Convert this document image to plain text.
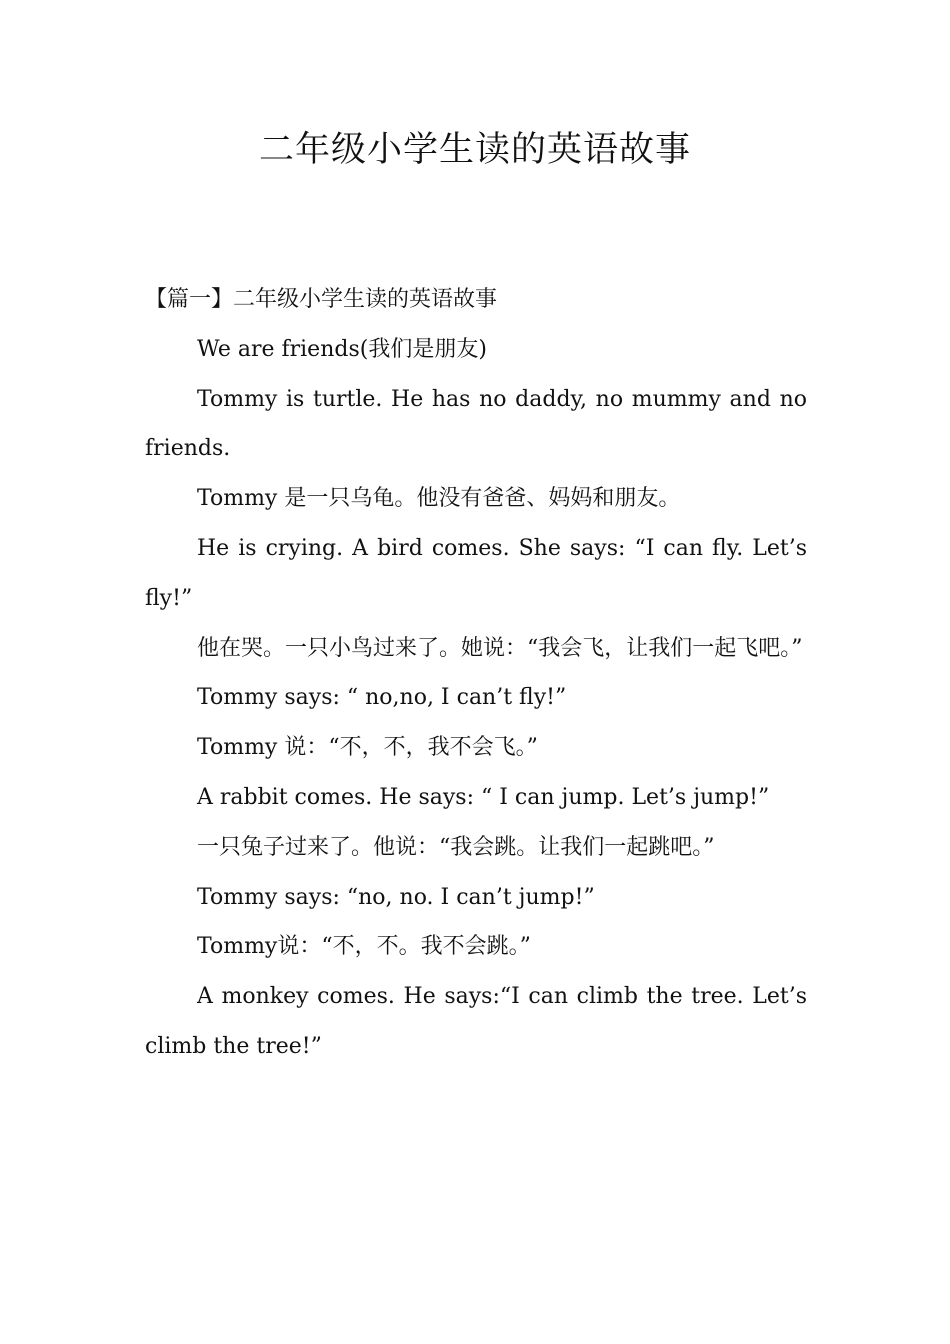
二年级小学生读的英语故事

【篇一】二年级小学生读的英语故事

We are friends(我们是朋友)

Tommy is turtle. He has no daddy, no mummy and no friends.

Tommy 是一只乌龟。他没有爸爸、妈妈和朋友。

He is crying. A bird comes. She says: “I can fly. Let’s fly!”

他在哭。一只小鸟过来了。她说：“我会飞，让我们一起飞吧。”

Tommy says: “ no,no, I can’t fly!”

Tommy 说：“不，不，我不会飞。”

A rabbit comes. He says: “ I can jump. Let’s jump!”

一只兔子过来了。他说：“我会跳。让我们一起跳吧。”

Tommy says: “no, no. I can’t jump!”

Tommy说：“不，不。我不会跳。”

A monkey comes. He says:“I can climb the tree. Let’s climb the tree!”
